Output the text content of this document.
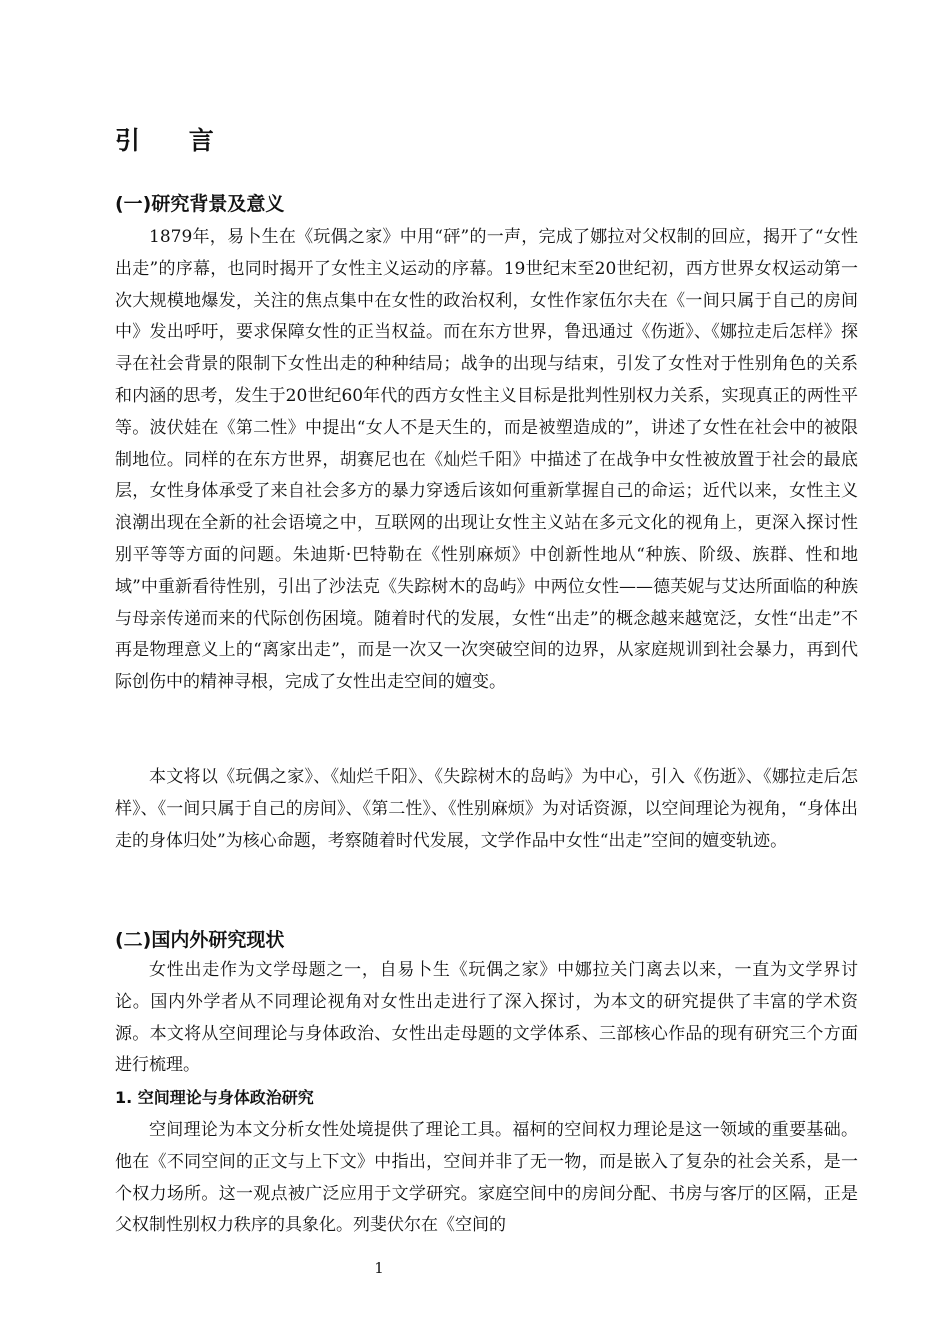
引 言
(一)研究背景及意义

1879年，易卜生在《玩偶之家》中用“砰”的一声，完成了娜拉对父权制的回应，揭开了“女性出走”的序幕，也同时揭开了女性主义运动的序幕。19世纪末至20世纪初，西方世界女权运动第一次大规模地爆发，关注的焦点集中在女性的政治权利，女性作家伍尔夫在《一间只属于自己的房间中》发出呼吁，要求保障女性的正当权益。而在东方世界，鲁迅通过《伤逝》、《娜拉走后怎样》探寻在社会背景的限制下女性出走的种种结局；战争的出现与结束，引发了女性对于性别角色的关系和内涵的思考，发生于20世纪60年代的西方女性主义目标是批判性别权力关系，实现真正的两性平等。波伏娃在《第二性》中提出“女人不是天生的，而是被塑造成的”，讲述了女性在社会中的被限制地位。同样的在东方世界，胡赛尼也在《灿烂千阳》中描述了在战争中女性被放置于社会的最底层，女性身体承受了来自社会多方的暴力穿透后该如何重新掌握自己的命运；近代以来，女性主义浪潮出现在全新的社会语境之中，互联网的出现让女性主义站在多元文化的视角上，更深入探讨性别平等等方面的问题。朱迪斯·巴特勒在《性别麻烦》中创新性地从“种族、阶级、族群、性和地域”中重新看待性别，引出了沙法克《失踪树木的岛屿》中两位女性——德芙妮与艾达所面临的种族与母亲传递而来的代际创伤困境。随着时代的发展，女性“出走”的概念越来越宽泛，女性“出走”不再是物理意义上的“离家出走”，而是一次又一次突破空间的边界，从家庭规训到社会暴力，再到代际创伤中的精神寻根，完成了女性出走空间的嬗变。

本文将以《玩偶之家》、《灿烂千阳》、《失踪树木的岛屿》为中心，引入《伤逝》、《娜拉走后怎样》、《一间只属于自己的房间》、《第二性》、《性别麻烦》为对话资源，以空间理论为视角，“身体出走的身体归处”为核心命题，考察随着时代发展，文学作品中女性“出走”空间的嬗变轨迹。

(二)国内外研究现状

女性出走作为文学母题之一，自易卜生《玩偶之家》中娜拉关门离去以来，一直为文学界讨论。国内外学者从不同理论视角对女性出走进行了深入探讨，为本文的研究提供了丰富的学术资源。本文将从空间理论与身体政治、女性出走母题的文学体系、三部核心作品的现有研究三个方面进行梳理。

1. 空间理论与身体政治研究

空间理论为本文分析女性处境提供了理论工具。福柯的空间权力理论是这一领域的重要基础。他在《不同空间的正文与上下文》中指出，空间并非了无一物，而是嵌入了复杂的社会关系，是一个权力场所。这一观点被广泛应用于文学研究。家庭空间中的房间分配、书房与客厅的区隔，正是父权制性别权力秩序的具象化。列斐伏尔在《空间的

1
